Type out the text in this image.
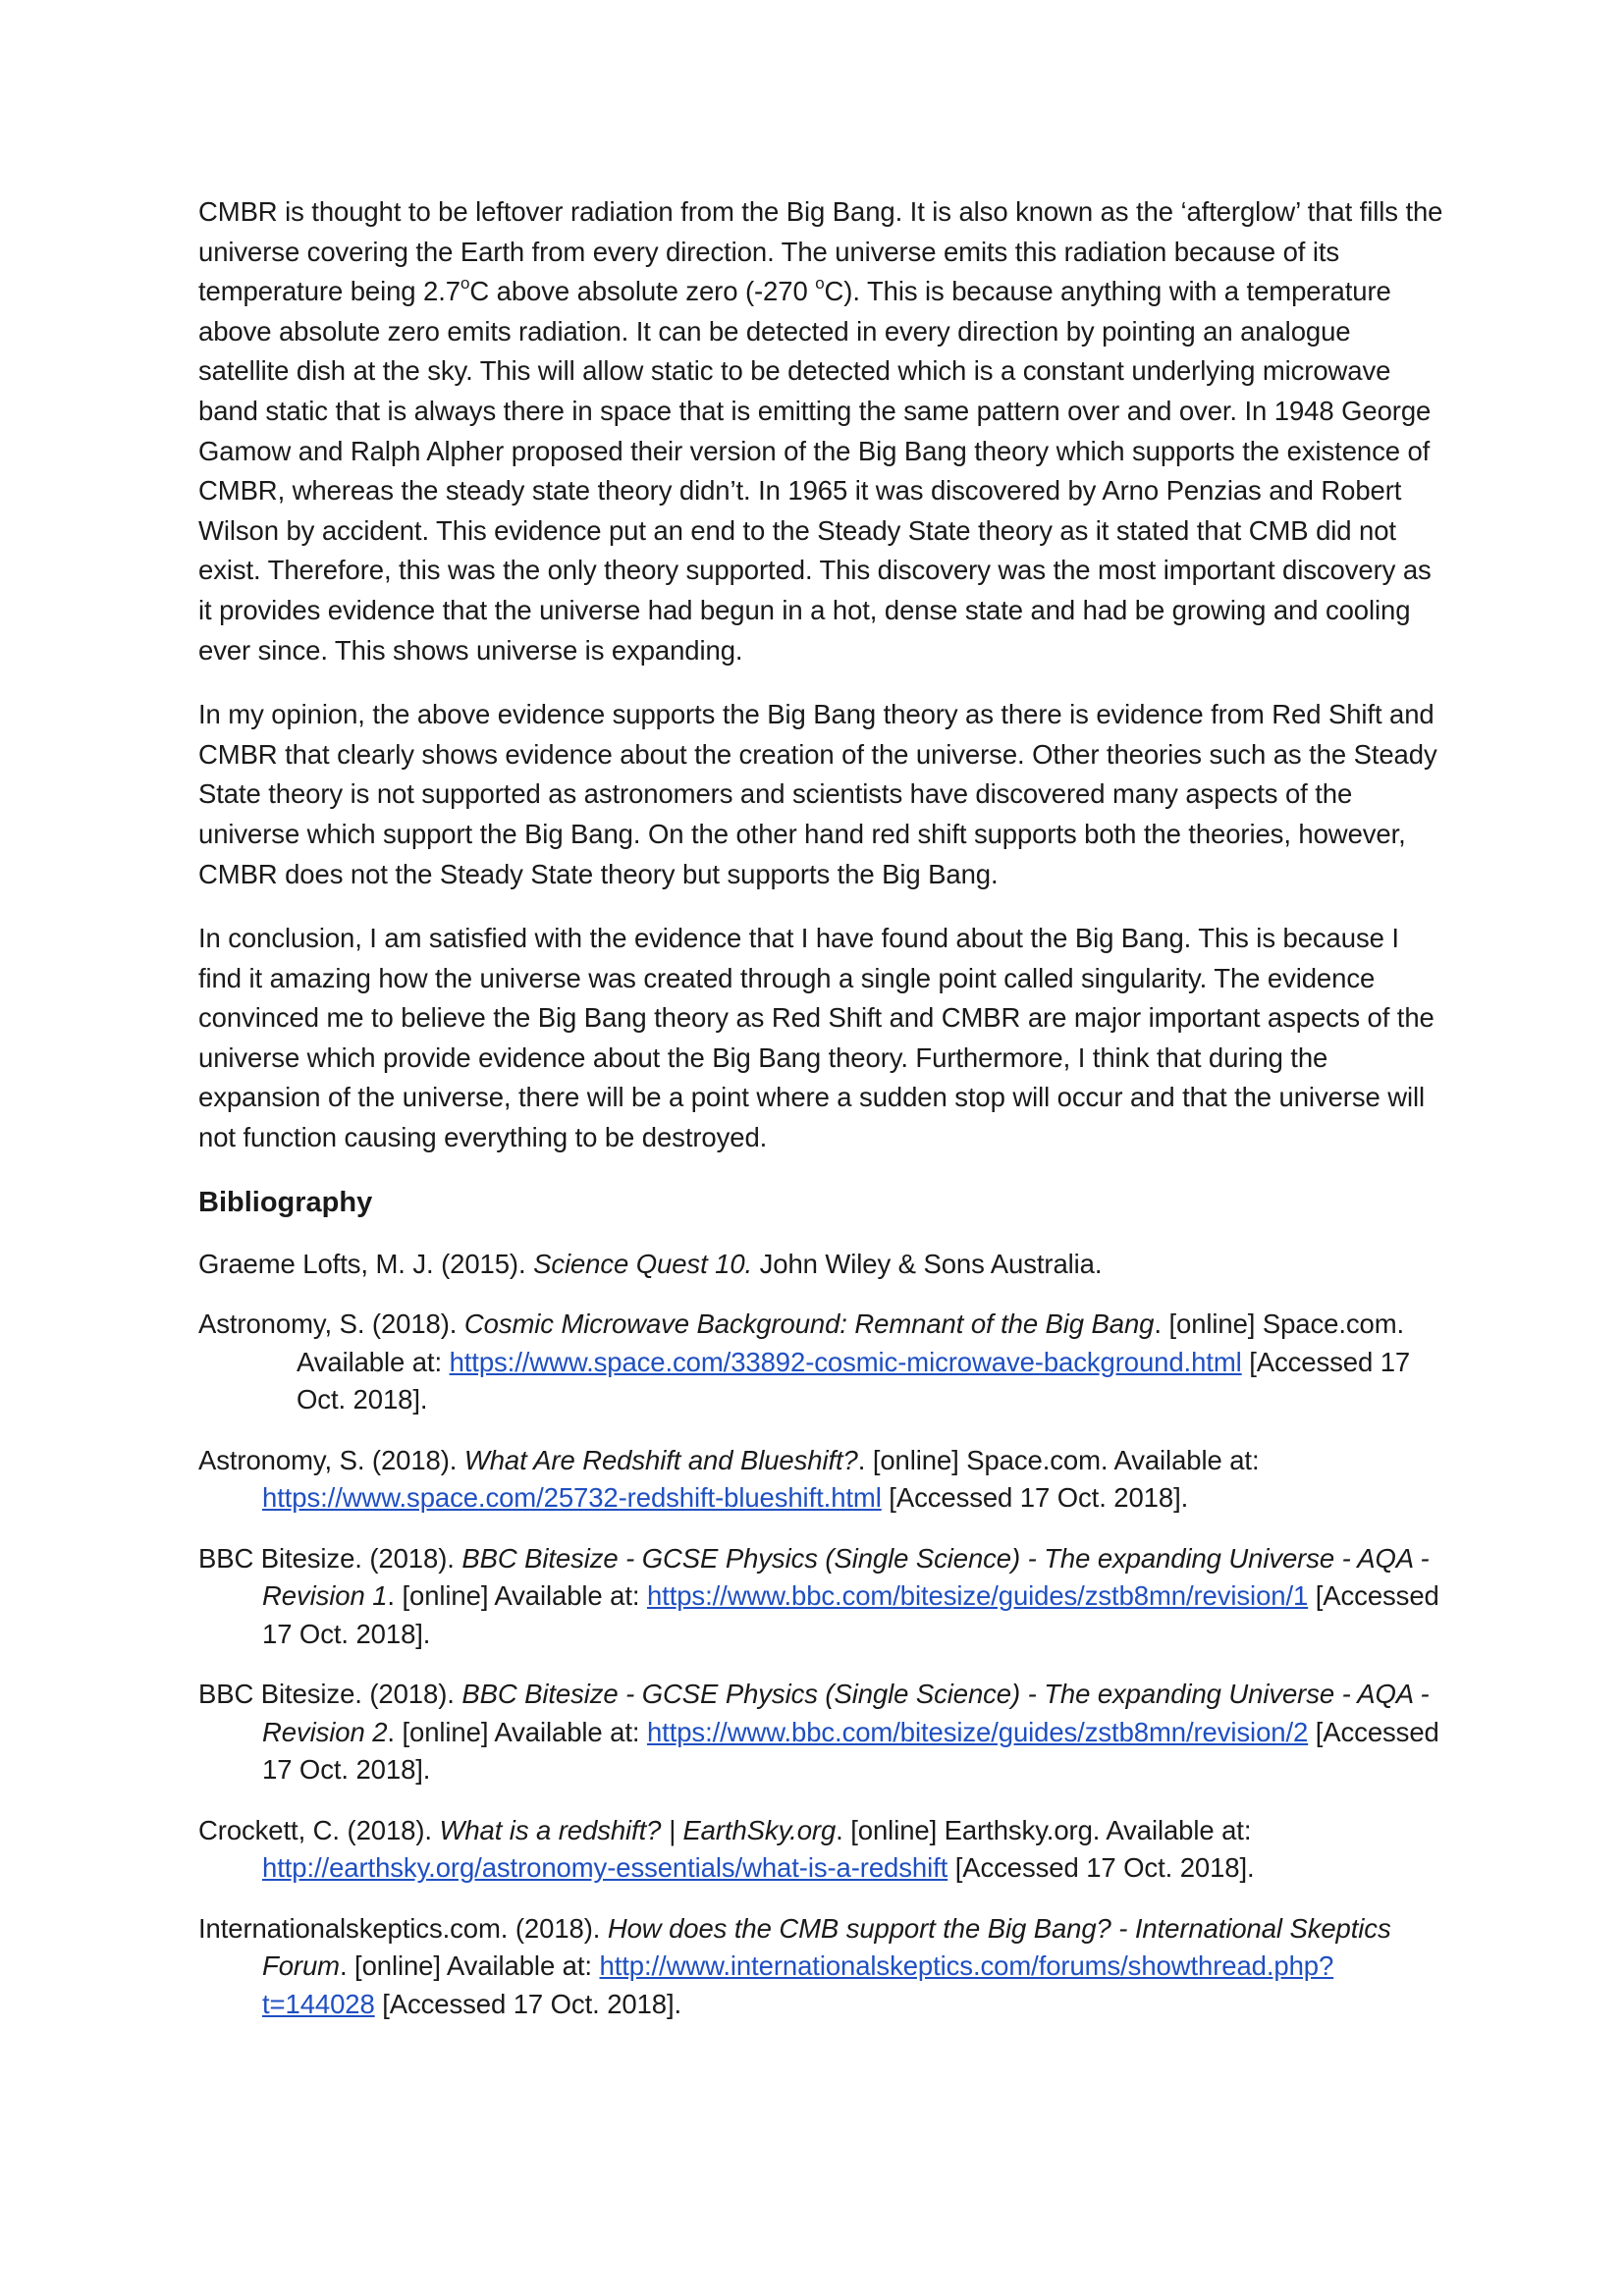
CMBR is thought to be leftover radiation from the Big Bang. It is also known as the ‘afterglow’ that fills the universe covering the Earth from every direction. The universe emits this radiation because of its temperature being 2.7$^o$C above absolute zero (-270 $^o$C). This is because anything with a temperature above absolute zero emits radiation. It can be detected in every direction by pointing an analogue satellite dish at the sky. This will allow static to be detected which is a constant underlying microwave band static that is always there in space that is emitting the same pattern over and over. In 1948 George Gamow and Ralph Alpher proposed their version of the Big Bang theory which supports the existence of CMBR, whereas the steady state theory didn’t. In 1965 it was discovered by Arno Penzias and Robert Wilson by accident. This evidence put an end to the Steady State theory as it stated that CMB did not exist. Therefore, this was the only theory supported. This discovery was the most important discovery as it provides evidence that the universe had begun in a hot, dense state and had be growing and cooling ever since. This shows universe is expanding.

In my opinion, the above evidence supports the Big Bang theory as there is evidence from Red Shift and CMBR that clearly shows evidence about the creation of the universe. Other theories such as the Steady State theory is not supported as astronomers and scientists have discovered many aspects of the universe which support the Big Bang. On the other hand red shift supports both the theories, however, CMBR does not the Steady State theory but supports the Big Bang.

In conclusion, I am satisfied with the evidence that I have found about the Big Bang. This is because I find it amazing how the universe was created through a single point called singularity. The evidence convinced me to believe the Big Bang theory as Red Shift and CMBR are major important aspects of the universe which provide evidence about the Big Bang theory. Furthermore, I think that during the expansion of the universe, there will be a point where a sudden stop will occur and that the universe will not function causing everything to be destroyed.

Bibliography

Graeme Lofts, M. J. (2015). Science Quest 10. John Wiley & Sons Australia.

Astronomy, S. (2018). Cosmic Microwave Background: Remnant of the Big Bang. [online] Space.com. Available at: https://www.space.com/33892-cosmic-microwave-background.html [Accessed 17 Oct. 2018].

Astronomy, S. (2018). What Are Redshift and Blueshift?. [online] Space.com. Available at: https://www.space.com/25732-redshift-blueshift.html [Accessed 17 Oct. 2018].

BBC Bitesize. (2018). BBC Bitesize - GCSE Physics (Single Science) - The expanding Universe - AQA - Revision 1. [online] Available at: https://www.bbc.com/bitesize/guides/zstb8mn/revision/1 [Accessed 17 Oct. 2018].

BBC Bitesize. (2018). BBC Bitesize - GCSE Physics (Single Science) - The expanding Universe - AQA - Revision 2. [online] Available at: https://www.bbc.com/bitesize/guides/zstb8mn/revision/2 [Accessed 17 Oct. 2018].

Crockett, C. (2018). What is a redshift? | EarthSky.org. [online] Earthsky.org. Available at: http://earthsky.org/astronomy-essentials/what-is-a-redshift [Accessed 17 Oct. 2018].

Internationalskeptics.com. (2018). How does the CMB support the Big Bang? - International Skeptics Forum. [online] Available at: http://www.internationalskeptics.com/forums/showthread.php?t=144028 [Accessed 17 Oct. 2018].
